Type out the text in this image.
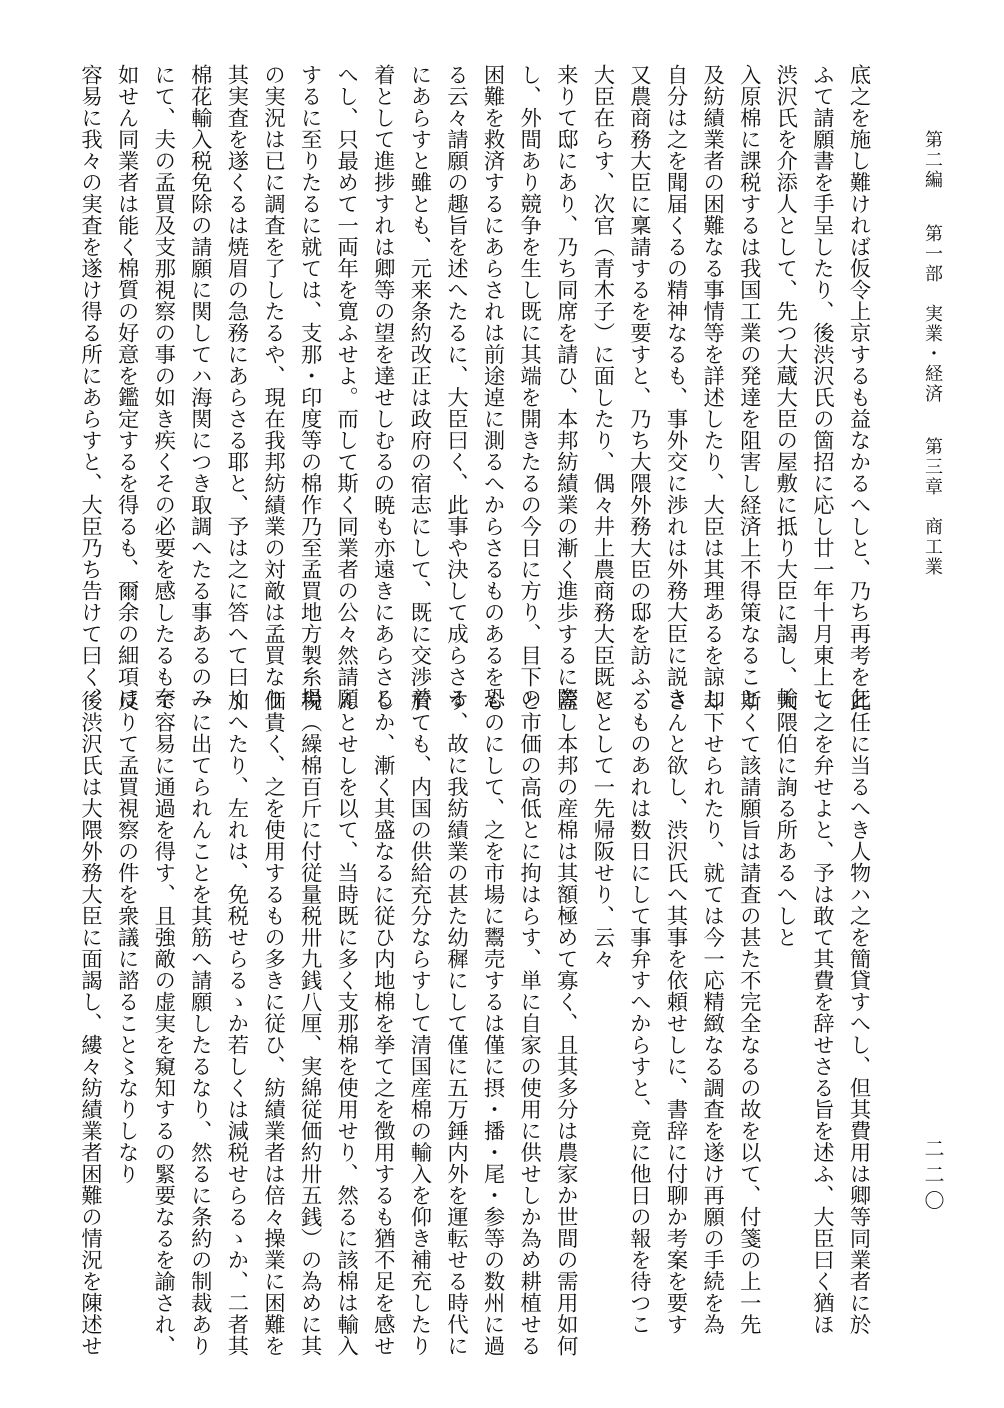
第二編 第一部　実業・経済 第三章　商工業
二二〇

底之を施し難ければ仮令上京するも益なかるへしと、乃ち再考を乞

ふて請願書を手呈したり、後渋沢氏の箇招に応し廿一年十月東上し

渋沢氏を介添人として、先つ大蔵大臣の屋敷に抵り大臣に謁し、輸

入原棉に課税するは我国工業の発達を阻害し経済上不得策なること

及紡績業者の困難なる事情等を詳述したり、大臣は其理あるを諒し

自分は之を聞届くるの精神なるも、事外交に渉れは外務大臣に説き

又農商務大臣に稟請するを要すと、乃ち大隈外務大臣の邸を訪ふ、

大臣在らす、次官（青木子）に面したり、偶々井上農商務大臣既に

来りて邸にあり、乃ち同席を請ひ、本邦紡績業の漸く進歩するに際

し、外間あり競争を生し既に其端を開きたるの今日に方り、目下の

困難を救済するにあらされは前途逴に測るへからさるものあるを恐

る云々請願の趣旨を述へたるに、大臣曰く、此事や決して成らさる

にあらすと雖とも、元来条約改正は政府の宿志にして、既に交渉着

着として進捗すれは卿等の望を達せしむるの暁も亦遠きにあらさる

へし、只最めて一両年を寛ふせよ。而して斯く同業者の公々然請願

するに至りたるに就ては、支那・印度等の棉作乃至孟買地方製糸場

の実況は已に調査を了したるや、現在我邦紡績業の対敵は孟買なり

其実査を遂くるは焼眉の急務にあらさる耶と、予は之に答へて曰く

棉花輸入税免除の請願に関してハ海関につき取調へたる事あるのみ

にて、夫の孟買及支那視察の事の如き疾くその必要を感したるも奈

如せん同業者は能く棉質の好意を鑑定するを得るも、爾余の細項は

容易に我々の実査を遂け得る所にあらすと、大臣乃ち告けて曰く、

此任に当るへき人物ハ之を簡貸すへし、但其費用は卿等同業者に於

て之を弁せよと、予は敢て其費を辞せさる旨を述ふ、大臣曰く猶ほ

大隈伯に詢る所あるへしと

斯くて該請願旨は請査の甚た不完全なるの故を以て、付箋の上一先

却下せられたり、就ては今一応精緻なる調査を遂け再願の手続を為

さんと欲し、渋沢氏へ其事を依頼せしに、書辞に付聊か考案を要す

るものあれは数日にして事弁すへからすと、竟に他日の報を待つこ

ととして一先帰阪せり、云々

蓋し本邦の産棉は其額極めて寡く、且其多分は農家か世間の需用如何

と市価の高低とに拘はらす、単に自家の使用に供せしか為め耕植せる

ものにして、之を市場に鬻売するは僅に摂・播・尾・参等の数州に過

す、故に我紡績業の甚た幼穉にして僅に五万錘内外を運転せる時代に

於ても、内国の供給充分ならすして清国産棉の輸入を仰き補充したり

しか、漸く其盛なるに従ひ内地棉を挙て之を徴用するも猶不足を感せ

んとせしを以て、当時既に多く支那棉を使用せり、然るに該棉は輸入

税（繰棉百斤に付従量税卅九銭八厘、実綿従価約卅五銭）の為めに其

価貴く、之を使用するもの多きに従ひ、紡績業者は倍々操業に困難を

加へたり、左れは、免税せらるゝか若しくは減税せらるゝか、二者其

一に出てられんことを其筋へ請願したるなり、然るに条約の制裁あり

て容易に通過を得す、且強敵の虚実を窺知するの緊要なるを諭され、

反りて孟買視察の件を衆議に諮ること〻なりしなり

後渋沢氏は大隈外務大臣に面謁し、縷々紡績業者困難の情況を陳述せ
